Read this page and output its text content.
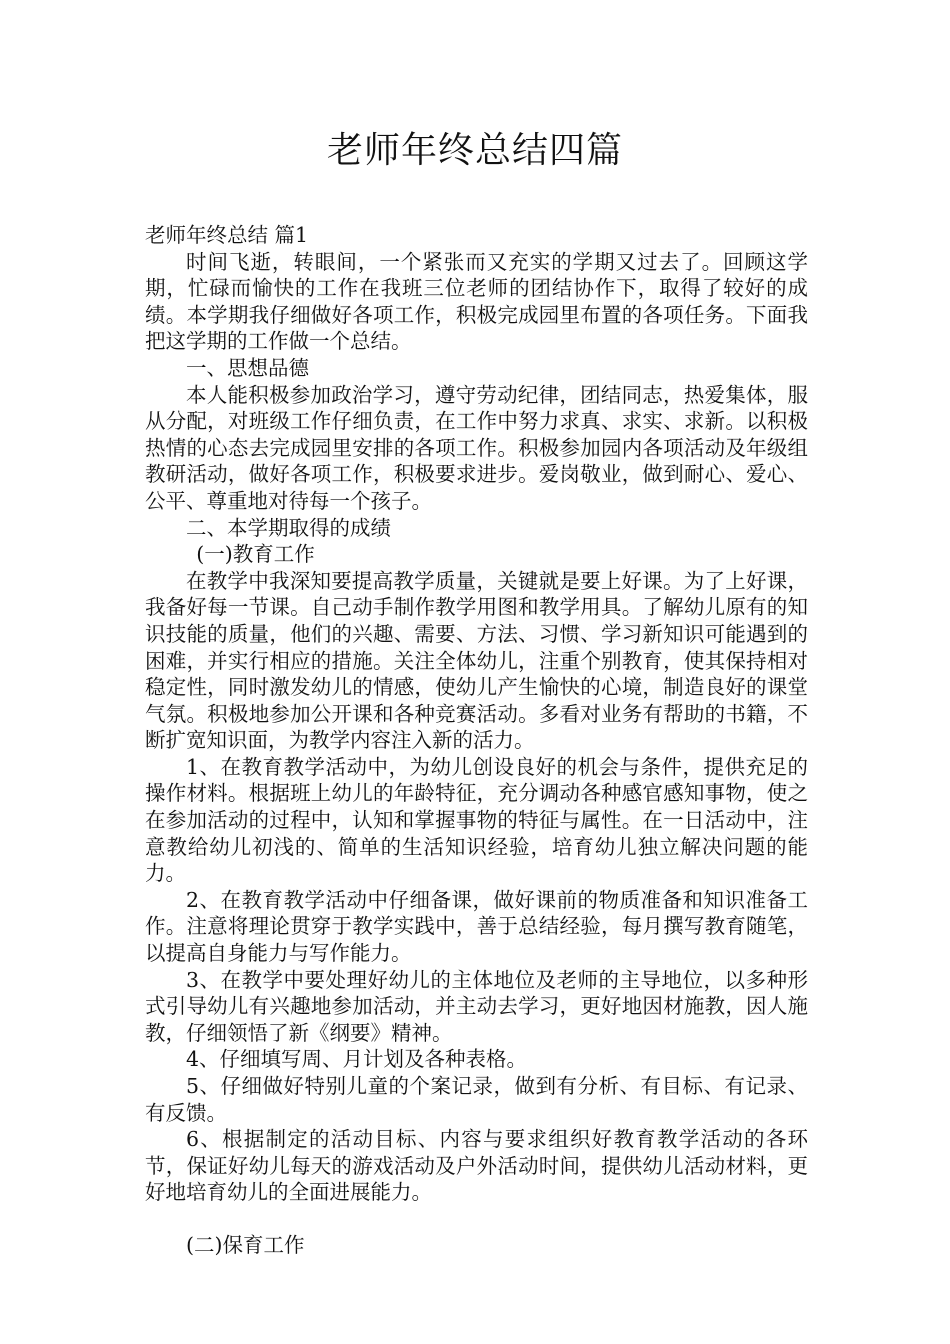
老师年终总结四篇

老师年终总结 篇1

时间飞逝，转眼间，一个紧张而又充实的学期又过去了。回顾这学期，忙碌而愉快的工作在我班三位老师的团结协作下，取得了较好的成绩。本学期我仔细做好各项工作，积极完成园里布置的各项任务。下面我把这学期的工作做一个总结。

一、思想品德

本人能积极参加政治学习，遵守劳动纪律，团结同志，热爱集体，服从分配，对班级工作仔细负责，在工作中努力求真、求实、求新。以积极热情的心态去完成园里安排的各项工作。积极参加园内各项活动及年级组教研活动，做好各项工作，积极要求进步。爱岗敬业，做到耐心、爱心、公平、尊重地对待每一个孩子。

二、本学期取得的成绩

(一)教育工作

在教学中我深知要提高教学质量，关键就是要上好课。为了上好课，我备好每一节课。自己动手制作教学用图和教学用具。了解幼儿原有的知识技能的质量，他们的兴趣、需要、方法、习惯、学习新知识可能遇到的困难，并实行相应的措施。关注全体幼儿，注重个别教育，使其保持相对稳定性，同时激发幼儿的情感，使幼儿产生愉快的心境，制造良好的课堂气氛。积极地参加公开课和各种竞赛活动。多看对业务有帮助的书籍，不断扩宽知识面，为教学内容注入新的活力。

1、在教育教学活动中，为幼儿创设良好的机会与条件，提供充足的操作材料。根据班上幼儿的年龄特征，充分调动各种感官感知事物，使之在参加活动的过程中，认知和掌握事物的特征与属性。在一日活动中，注意教给幼儿初浅的、简单的生活知识经验，培育幼儿独立解决问题的能力。

2、在教育教学活动中仔细备课，做好课前的物质准备和知识准备工作。注意将理论贯穿于教学实践中，善于总结经验，每月撰写教育随笔，以提高自身能力与写作能力。

3、在教学中要处理好幼儿的主体地位及老师的主导地位，以多种形式引导幼儿有兴趣地参加活动，并主动去学习，更好地因材施教，因人施教，仔细领悟了新《纲要》精神。

4、仔细填写周、月计划及各种表格。

5、仔细做好特别儿童的个案记录，做到有分析、有目标、有记录、有反馈。

6、根据制定的活动目标、内容与要求组织好教育教学活动的各环节，保证好幼儿每天的游戏活动及户外活动时间，提供幼儿活动材料，更好地培育幼儿的全面进展能力。

(二)保育工作
